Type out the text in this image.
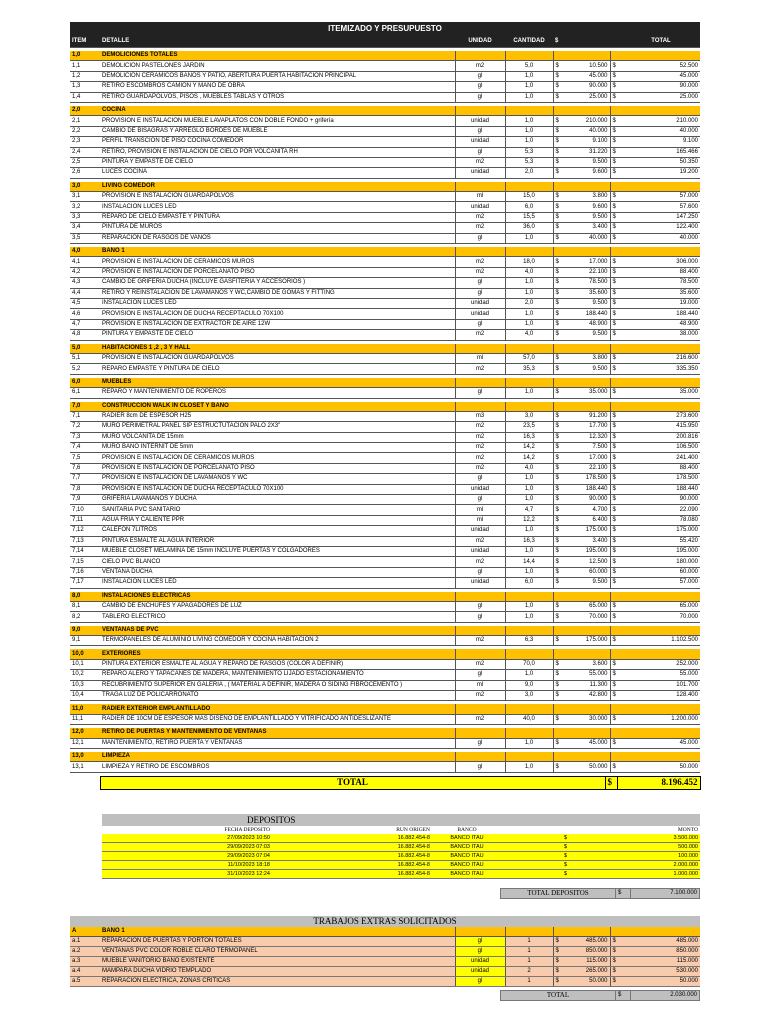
ITEMIZADO Y PRESUPUESTO
ITEM	DETALLE	UNIDAD	CANTIDAD	$			TOTAL

1,0	DEMOLICIONES TOTALES						
1,1	DEMOLICION PASTELONES JARDIN	m2	5,0	$	10.500	$	52.500
1,2	DEMOLICION CERAMICOS BAÑOS Y PATIO, ABERTURA PUERTA HABITACION PRINCIPAL	gl	1,0	$	45.000	$	45.000
1,3	RETIRO ESCOMBROS CAMION Y MANO DE OBRA	gl	1,0	$	90.000	$	90.000
1,4	RETIRO GUARDAPOLVOS, PISOS , MUEBLES TABLAS Y OTROS	gl	1,0	$	25.000	$	25.000

2,0	COCINA						
2,1	PROVISION E INSTALACION MUEBLE LAVAPLATOS CON DOBLE FONDO + grifería	unidad	1,0	$	210.000	$	210.000
2,2	CAMBIO DE BISAGRAS Y ARREGLO BORDES DE MUEBLE	gl	1,0	$	40.000	$	40.000
2,3	PERFIL TRANSCION DE PISO COCINA COMEDOR	unidad	1,0	$	9.100	$	9.100
2,4	RETIRO, PROVISION E INSTALACION DE CIELO POR VOLCANITA RH	gl	5,3	$	31.220	$	165.466
2,5	PINTURA Y EMPASTE DE CIELO	m2	5,3	$	9.500	$	50.350
2,6	LUCES COCINA	unidad	2,0	$	9.600	$	19.200

3,0	LIVING COMEDOR						
3,1	PROVISION E INSTALACION GUARDAPOLVOS	ml	15,0	$	3.800	$	57.000
3,2	INSTALACION LUCES LED	unidad	6,0	$	9.600	$	57.600
3,3	REPARO DE CIELO EMPASTE Y PINTURA	m2	15,5	$	9.500	$	147.250
3,4	PINTURA DE MUROS	m2	36,0	$	3.400	$	122.400
3,5	REPARACION DE RASGOS DE VANOS	gl	1,0	$	40.000	$	40.000

4,0	BAÑO 1						
4,1	PROVISION E INSTALACION DE CERAMICOS MUROS	m2	18,0	$	17.000	$	306.000
4,2	PROVISION E INSTALACION DE PORCELANATO PISO	m2	4,0	$	22.100	$	88.400
4,3	CAMBIO DE GRIFERIA DUCHA (INCLUYE GASFITERIA Y ACCESORIOS )	gl	1,0	$	78.500	$	78.500
4,4	RETIRO Y REINSTALACION DE LAVAMANOS Y WC,CAMBIO DE GOMAS Y FITTING	gl	1,0	$	35.600	$	35.600
4,5	INSTALACION LUCES LED	unidad	2,0	$	9.500	$	19.000
4,6	PROVISION E INSTALACION DE DUCHA RECEPTACULO 70X100	unidad	1,0	$	188.440	$	188.440
4,7	PROVISION E INSTALACION DE EXTRACTOR DE AIRE 12W	gl	1,0	$	48.900	$	48.900
4,8	PINTURA Y EMPASTE DE CIELO	m2	4,0	$	9.500	$	38.000

5,0	HABITACIONES 1 ,2 , 3 Y HALL						
5,1	PROVISION E INSTALACION GUARDAPOLVOS	ml	57,0	$	3.800	$	216.600
5,2	REPARO EMPASTE Y PINTURA DE CIELO	m2	35,3	$	9.500	$	335.350

6,0	MUEBLES						
6,1	REPARO Y MANTENIMIENTO DE ROPEROS	gl	1,0	$	35.000	$	35.000

7,0	CONSTRUCCION WALK IN CLOSET Y BAÑO						
7,1	RADIER 8cm DE ESPESOR H25	m3	3,0	$	91.200	$	273.600
7,2	MURO PERIMETRAL PANEL SIP ESTRUCTUTACION PALO 2X3"	m2	23,5	$	17.700	$	415.950
7,3	MURO VOLCANITA DE 15mm	m2	16,3	$	12.320	$	200.816
7,4	MURO BAÑO INTERNIT DE 5mm	m2	14,2	$	7.500	$	106.500
7,5	PROVISION E INSTALACION DE CERAMICOS MUROS	m2	14,2	$	17.000	$	241.400
7,6	PROVISION E INSTALACION DE PORCELANATO PISO	m2	4,0	$	22.100	$	88.400
7,7	PROVISION E INSTALACION DE LAVAMANOS Y WC	gl	1,0	$	178.500	$	178.500
7,8	PROVISION E INSTALACION DE DUCHA RECEPTACULO 70X100	unidad	1,0	$	188.440	$	188.440
7,9	GRIFERIA LAVAMANOS Y DUCHA	gl	1,0	$	90.000	$	90.000
7,10	SANITARIA PVC SANITARIO	ml	4,7	$	4.700	$	22.090
7,11	AGUA FRIA Y CALIENTE PPR	ml	12,2	$	6.400	$	78.080
7,12	CALEFON 7LITROS	unidad	1,0	$	175.000	$	175.000
7,13	PINTURA ESMALTE AL AGUA INTERIOR	m2	16,3	$	3.400	$	55.420
7,14	MUEBLE CLOSET MELAMINA DE 15mm INCLUYE PUERTAS Y COLGADORES	unidad	1,0	$	195.000	$	195.000
7,15	CIELO PVC BLANCO	m2	14,4	$	12.500	$	180.000
7,16	VENTANA DUCHA	gl	1,0	$	60.000	$	60.000
7,17	INSTALACION LUCES LED	unidad	6,0	$	9.500	$	57.000

8,0	INSTALACIONES ELECTRICAS						
8,1	CAMBIO DE ENCHUFES Y APAGADORES DE LUZ	gl	1,0	$	65.000	$	65.000
8,2	TABLERO ELECTRICO	gl	1,0	$	70.000	$	70.000

9,0	VENTANAS DE PVC						
9,1	TERMOPANELES DE ALUMINIO LIVING COMEDOR Y COCINA HABITACION 2	m2	6,3	$	175.000	$	1.102.500

10,0	EXTERIORES						
10,1	PINTURA EXTERIOR ESMALTE AL AGUA Y REPARO DE RASGOS (COLOR A DEFINIR)	m2	70,0	$	3.600	$	252.000
10,2	REPARO ALERO Y TAPACANES DE MADERA, MANTENIMIENTO LIJADO ESTACIONAMIENTO	gl	1,0	$	55.000	$	55.000
10,3	RECUBRIMIENTO SUPERIOR EN GALERIA , ( MATERIAL A DEFINIR, MADERA O SIDING FIBROCEMENTO )	ml	9,0	$	11.300	$	101.700
10,4	TRAGA LUZ DE POLICARRONATO	m2	3,0	$	42.800	$	128.400

11,0	RADIER EXTERIOR EMPLANTILLADO						
11,1	RADIER DE 10CM DE ESPESOR MAS DISEÑO DE EMPLANTILLADO Y VITRIFICADO ANTIDESLIZANTE	m2	40,0	$	30.000	$	1.200.000

12,0	RETIRO DE PUERTAS Y MANTENIMIENTO DE VENTANAS						
12,1	MANTENIMIENTO, RETIRO PUERTA Y VENTANAS	gl	1,0	$	45.000	$	45.000

13,0	LIMPIEZA						
13,1	LIMPIEZA Y RETIRO DE ESCOMBROS	gl	1,0	$	50.000	$	50.000
	TOTAL	$	8.196.452
DEPOSITOS
FECHA DEPOSITO	RUN ORIGEN	BANCO			MONTO
27/09/2023 10:50	16.882.454-8	BANCO ITAU		$	3.500.000
29/09/2023 07:03	16.882.454-8	BANCO ITAU		$	500.000
29/09/2023 07:04	16.882.454-8	BANCO ITAU		$	100.000
11/10/2023 18:18	16.882.454-8	BANCO ITAU		$	2.000.000
31/10/2023 12:24	16.882.454-8	BANCO ITAU		$	1.000.000
TOTAL DEPOSITOS	$	7.100.000
TRABAJOS EXTRAS SOLICITADOS
A	BAÑO 1						
a.1	REPARACION DE PUERTAS Y PORTON TOTALES	gl	1	$	485.000	$	485.000
a.2	VENTANAS PVC COLOR ROBLE CLARO TERMOPANEL	gl	1	$	850.000	$	850.000
a.3	MUEBLE VANITORIO BAÑO EXISTENTE	unidad	1	$	115.000	$	115.000
a.4	MAMPARA DUCHA VIDRIO TEMPLADO	unidad	2	$	265.000	$	530.000
a.5	REPARACION ELECTRICA, ZONAS CRITICAS	gl	1	$	50.000	$	50.000
TOTAL	$	2.030.000
